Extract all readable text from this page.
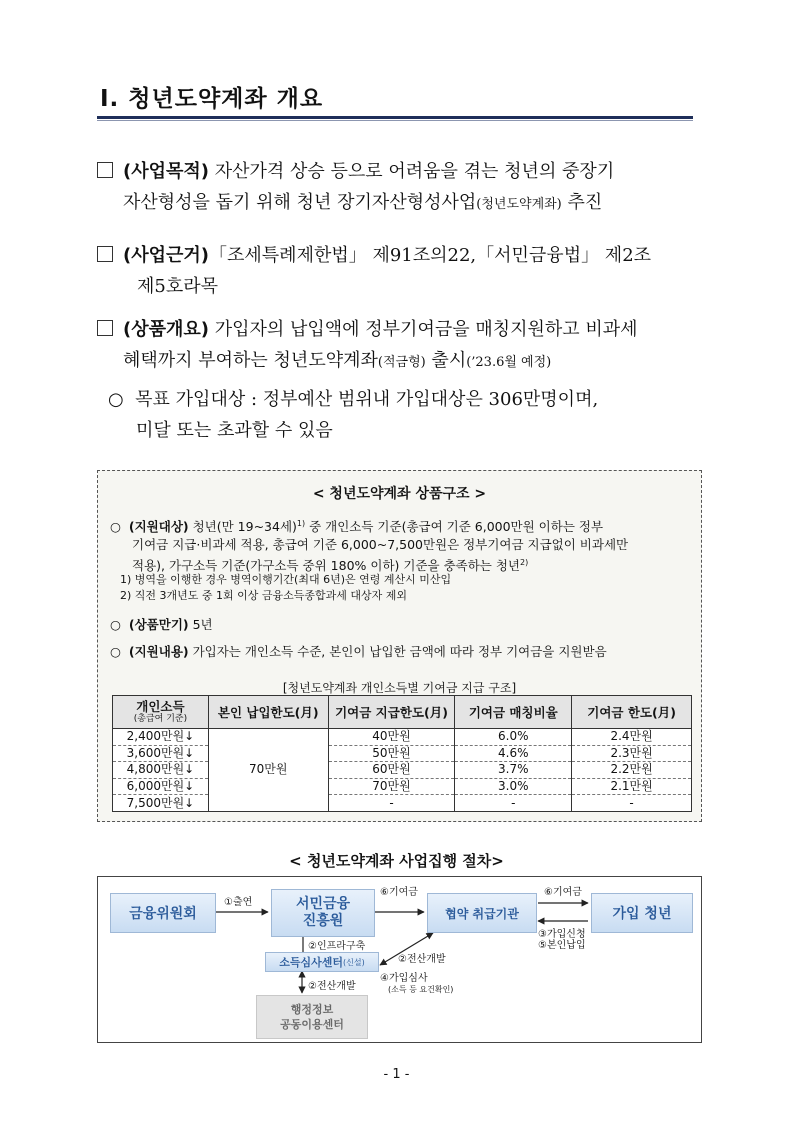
Ⅰ. 청년도약계좌 개요
(사업목적) 자산가격 상승 등으로 어려움을 겪는 청년의 중장기
자산형성을 돕기 위해 청년 장기자산형성사업(청년도약계좌) 추진
(사업근거)「조세특례제한법」 제91조의22,「서민금융법」 제2조
제5호라목
(상품개요) 가입자의 납입액에 정부기여금을 매칭지원하고 비과세
혜택까지 부여하는 청년도약계좌(적금형) 출시(’23.6월 예정)
○ 목표 가입대상 : 정부예산 범위내 가입대상은 306만명이며,
미달 또는 초과할 수 있음
< 청년도약계좌 상품구조 >
○ (지원대상) 청년(만 19~34세)$^{1)}$ 중 개인소득 기준(총급여 기준 6,000만원 이하는 정부
기여금 지급·비과세 적용, 총급여 기준 6,000~7,500만원은 정부기여금 지급없이 비과세만
적용), 가구소득 기준(가구소득 중위 180% 이하) 기준을 충족하는 청년$^{2)}$
1) 병역을 이행한 경우 병역이행기간(최대 6년)은 연령 계산시 미산입
2) 직전 3개년도 중 1회 이상 금융소득종합과세 대상자 제외
○ (상품만기) 5년
○ (지원내용) 가입자는 개인소득 수준, 본인이 납입한 금액에 따라 정부 기여금을 지원받음
[청년도약계좌 개인소득별 기여금 지급 구조]
개인소득
(총급여 기준)	본인 납입한도(月)	기여금 지급한도(月)	기여금 매칭비율	기여금 한도(月)
2,400만원↓	70만원	40만원	6.0%	2.4만원
3,600만원↓		50만원	4.6%	2.3만원
4,800만원↓		60만원	3.7%	2.2만원
6,000만원↓		70만원	3.0%	2.1만원
7,500만원↓		-	-	-
< 청년도약계좌 사업집행 절차>
금융위원회
서민금융
진흥원	협약 취급기관	가입 청년
소득심사센터 (신설)
행정정보
공동이용센터
①출연
⑥기여금	⑥기여금
③가입신청
⑤본인납입
②인프라구축
②전산개발
②전산개발
④가입심사
(소득 등 요건확인)
- 1 -
